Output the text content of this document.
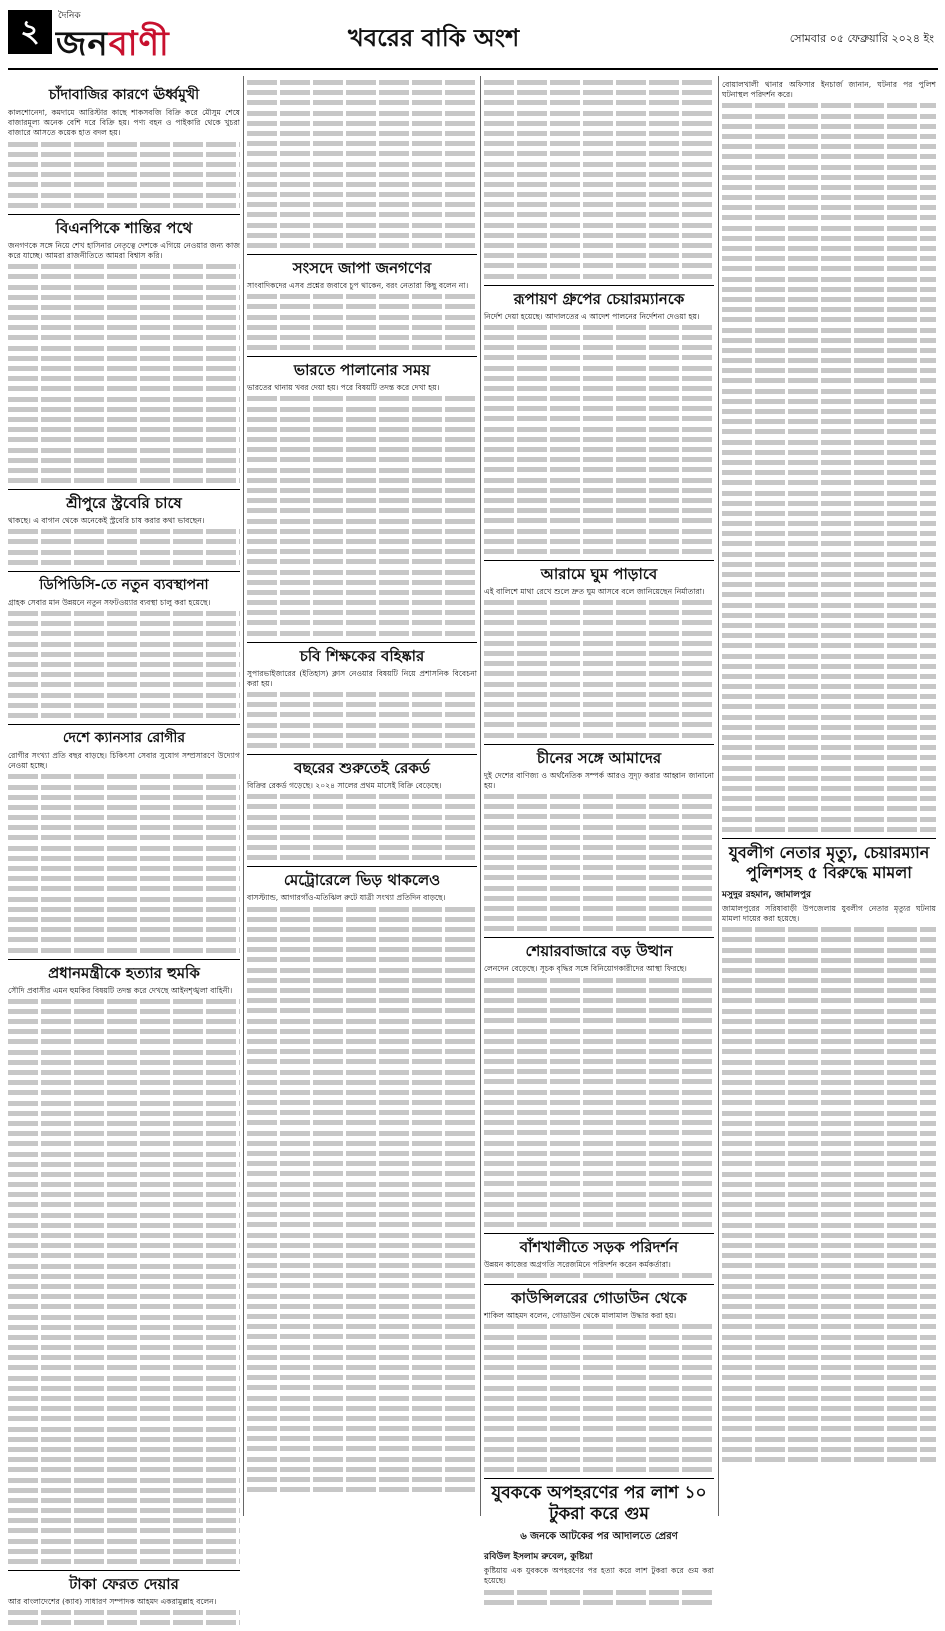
২	দৈনিক
জনবাণী	খবরের বাকি অংশ	সোমবার ০৫ ফেব্রুয়ারি ২০২৪ ইং
চাঁদাবাজির কারণে ঊর্ধ্বমুখী

কালশোনেদা, কমদামে আরিস্টার কাছে শাকসবজি বিক্রি করে মৌসুম শেষে বাজারমূল্য অনেক বেশি দরে বিক্রি হয়। পণ্য বহন ও পাইকারি থেকে খুচরা বাজারে আসতে কয়েক হাত বদল হয়।

বিএনপিকে শান্তির পথে

জনগণকে সঙ্গে নিয়ে শেখ হাসিনার নেতৃত্বে দেশকে এগিয়ে নেওয়ার জন্য কাজ করে যাচ্ছে। আমরা রাজনীতিতে আমরা বিশ্বাস করি।

শ্রীপুরে স্ট্রবেরি চাষে

থাকছে। এ বাগান থেকে অনেকেই স্ট্রবেরি চাষ করার কথা ভাবছেন।

ডিপিডিসি-তে নতুন ব্যবস্থাপনা

গ্রাহক সেবার মান উন্নয়নে নতুন সফটওয়্যার ব্যবস্থা চালু করা হয়েছে।

দেশে ক্যানসার রোগীর

রোগীর সংখ্যা প্রতি বছর বাড়ছে। চিকিৎসা সেবার সুযোগ সম্প্রসারণে উদ্যোগ নেওয়া হচ্ছে।

প্রধানমন্ত্রীকে হত্যার হুমকি

সৌদি প্রবাসীর এমন হুমকির বিষয়টি তদন্ত করে দেখছে আইনশৃঙ্খলা বাহিনী।

টাকা ফেরত দেয়ার

আর বাংলাদেশের (ক্যাব) সাধারণ সম্পাদক আহমদ একরামুল্লাহ বলেন।

সংসদে জাপা জনগণের

সাংবাদিকদের এসব প্রশ্নের জবাবে চুপ থাকেন, বরং নেতারা কিছু বলেন না।

ভারতে পালানোর সময়

ভারতের থানায় খবর দেয়া হয়। পরে বিষয়টি তদন্ত করে দেখা হয়।

চবি শিক্ষকের বহিষ্কার

সুপারভাইজারের (ইতিহাস) ক্লাস নেওয়ার বিষয়টি নিয়ে প্রশাসনিক বিবেচনা করা হয়।

বছরের শুরুতেই রেকর্ড

বিক্রির রেকর্ড গড়েছে। ২০২৪ সালের প্রথম মাসেই বিক্রি বেড়েছে।

মেট্রোরেলে ভিড় থাকলেও

বাসস্ট্যান্ড, আগারগাঁও-মতিঝিল রুটে যাত্রী সংখ্যা প্রতিদিন বাড়ছে।

রূপায়ণ গ্রুপের চেয়ারম্যানকে

নির্দেশ দেয়া হয়েছে। আদালতের এ আদেশ পালনের নির্দেশনা দেওয়া হয়।

আরামে ঘুম পাড়াবে

এই বালিশে মাথা রেখে শুলে দ্রুত ঘুম আসবে বলে জানিয়েছেন নির্মাতারা।

চীনের সঙ্গে আমাদের

দুই দেশের বাণিজ্য ও অর্থনৈতিক সম্পর্ক আরও সুদৃঢ় করার আহ্বান জানানো হয়।

শেয়ারবাজারে বড় উত্থান

লেনদেন বেড়েছে। সূচক বৃদ্ধির সঙ্গে বিনিয়োগকারীদের আস্থা ফিরছে।

বাঁশখালীতে সড়ক পরিদর্শন

উন্নয়ন কাজের অগ্রগতি সরেজমিনে পরিদর্শন করেন কর্মকর্তারা।

কাউন্সিলরের গোডাউন থেকে

শাকিল আহমদ বলেন, গোডাউন থেকে মালামাল উদ্ধার করা হয়।

যুবককে অপহরণের পর লাশ ১০ টুকরা করে গুম
৬ জনকে আটকের পর আদালতে প্রেরণ
রবিউল ইসলাম রুবেল, কুষ্টিয়া

কুষ্টিয়ায় এক যুবককে অপহরণের পর হত্যা করে লাশ টুকরা করে গুম করা হয়েছে।

বোয়ালখালী থানার অফিসার ইনচার্জ জানান, ঘটনার পর পুলিশ ঘটনাস্থল পরিদর্শন করে।

যুবলীগ নেতার মৃত্যু, চেয়ারম্যান পুলিশসহ ৫ বিরুদ্ধে মামলা
মসুদুর রহমান, জামালপুর

জামালপুরের সরিষাবাড়ী উপজেলায় যুবলীগ নেতার মৃত্যুর ঘটনায় মামলা দায়ের করা হয়েছে।
